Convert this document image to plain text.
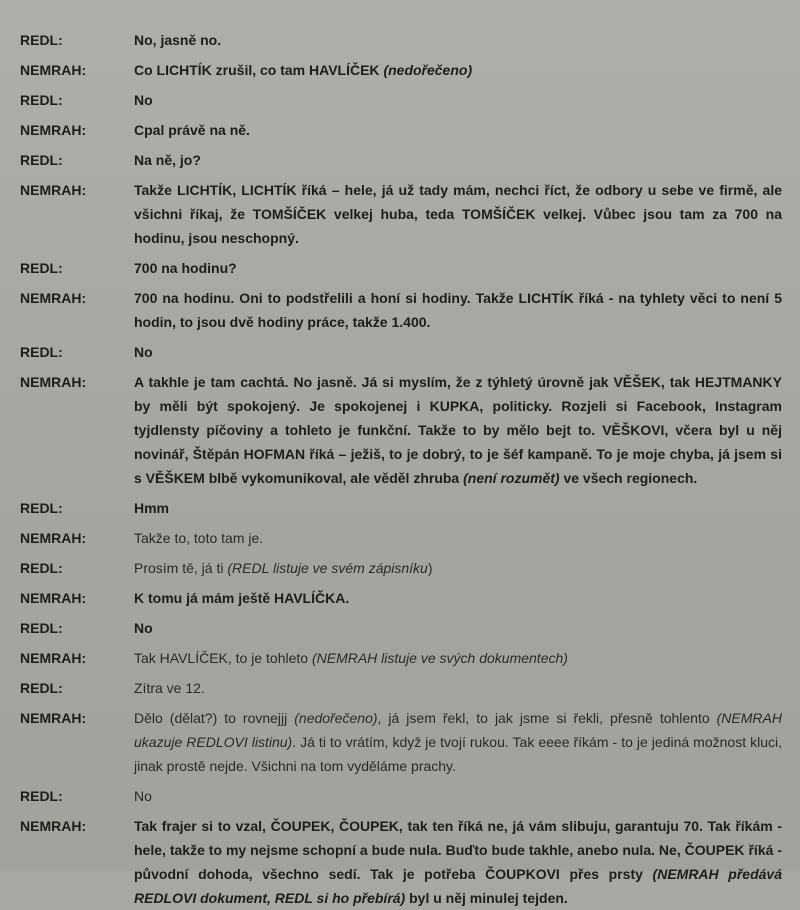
REDL:	No, jasně no.
NEMRAH:	Co LICHTÍK zrušil, co tam HAVLÍČEK (nedořečeno)
REDL:	No
NEMRAH:	Cpal právě na ně.
REDL:	Na ně, jo?
NEMRAH:	Takže LICHTÍK, LICHTÍK říká – hele, já už tady mám, nechci říct, že odbory u sebe ve firmě, ale všichni říkaj, že TOMŠÍČEK velkej huba, teda TOMŠÍČEK velkej. Vůbec jsou tam za 700 na hodinu, jsou neschopný.
REDL:	700 na hodinu?
NEMRAH:	700 na hodinu. Oni to podstřelili a honí si hodiny. Takže LICHTÍK říká - na tyhlety věci to není 5 hodin, to jsou dvě hodiny práce, takže 1.400.
REDL:	No
NEMRAH:	A takhle je tam cachtá. No jasně. Já si myslím, že z týhletý úrovně jak VĚŠEK, tak HEJTMANKY by měli být spokojený. Je spokojenej i KUPKA, politicky. Rozjeli si Facebook, Instagram tyjdlensty píčoviny a tohleto je funkční. Takže to by mělo bejt to. VĚŠKOVI, včera byl u něj novinář, Štěpán HOFMAN říká – ježiš, to je dobrý, to je šéf kampaně. To je moje chyba, já jsem si s VĚŠKEM blbě vykomunikoval, ale věděl zhruba (není rozumět) ve všech regionech.
REDL:	Hmm
NEMRAH:	Takže to, toto tam je.
REDL:	Prosím tě, já ti (REDL listuje ve svém zápisníku)
NEMRAH:	K tomu já mám ještě HAVLÍČKA.
REDL:	No
NEMRAH:	Tak HAVLÍČEK, to je tohleto (NEMRAH listuje ve svých dokumentech)
REDL:	Zítra ve 12.
NEMRAH:	Dělo (dělat?) to rovnejjj (nedořečeno), já jsem řekl, to jak jsme si řekli, přesně tohlento (NEMRAH ukazuje REDLOVI listinu). Já ti to vrátím, když je tvojí rukou. Tak eeee říkám - to je jediná možnost kluci, jinak prostě nejde. Všichni na tom vyděláme prachy.
REDL:	No
NEMRAH:	Tak frajer si to vzal, ČOUPEK, ČOUPEK, tak ten říká ne, já vám slibuju, garantuju 70. Tak říkám - hele, takže to my nejsme schopní a bude nula. Buďto bude takhle, anebo nula. Ne, ČOUPEK říká - původní dohoda, všechno sedí. Tak je potřeba ČOUPKOVI přes prsty (NEMRAH předává REDLOVI dokument, REDL si ho přebírá) byl u něj minulej tejden.
